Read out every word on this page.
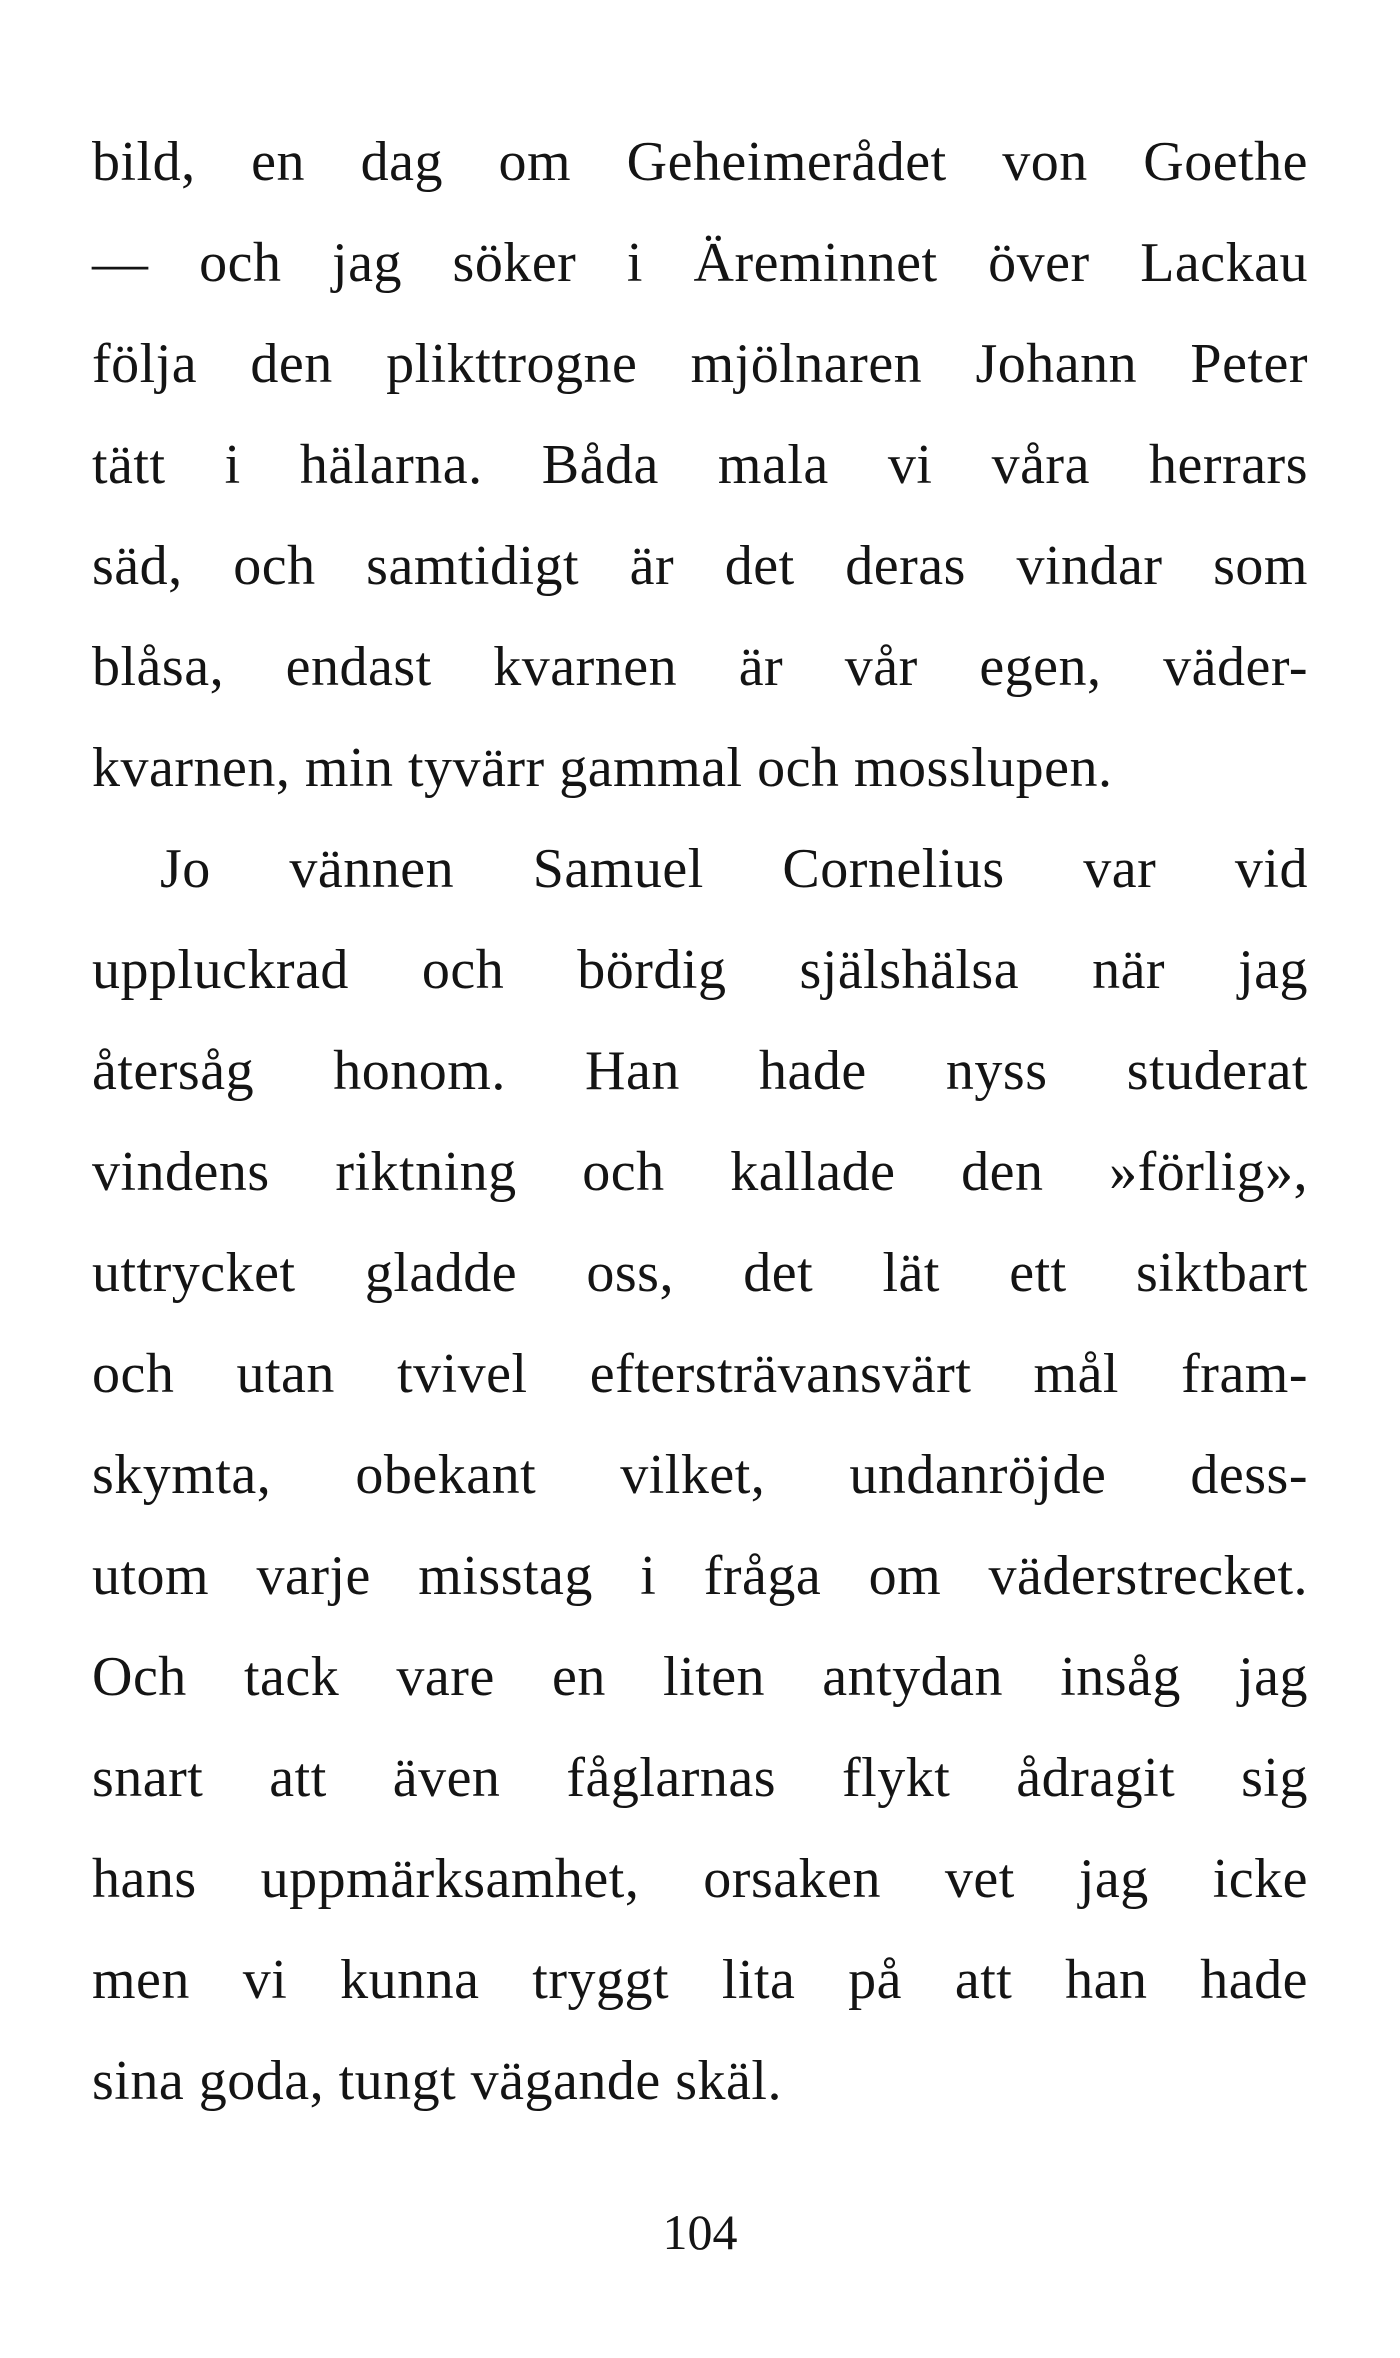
bild, en dag om Geheimerådet von Goethe
— och jag söker i Äreminnet över Lackau
följa den plikttrogne mjölnaren Johann Peter
tätt i hälarna. Båda mala vi våra herrars
säd, och samtidigt är det deras vindar som
blåsa, endast kvarnen är vår egen, väder-
kvarnen, min tyvärr gammal och mosslupen.
Jo vännen Samuel Cornelius var vid
uppluckrad och bördig själshälsa när jag
återsåg honom. Han hade nyss studerat
vindens riktning och kallade den »förlig»,
uttrycket gladde oss, det lät ett siktbart
och utan tvivel eftersträvansvärt mål fram-
skymta, obekant vilket, undanröjde dess-
utom varje misstag i fråga om väderstrecket.
Och tack vare en liten antydan insåg jag
snart att även fåglarnas flykt ådragit sig
hans uppmärksamhet, orsaken vet jag icke
men vi kunna tryggt lita på att han hade
sina goda, tungt vägande skäl.
104
